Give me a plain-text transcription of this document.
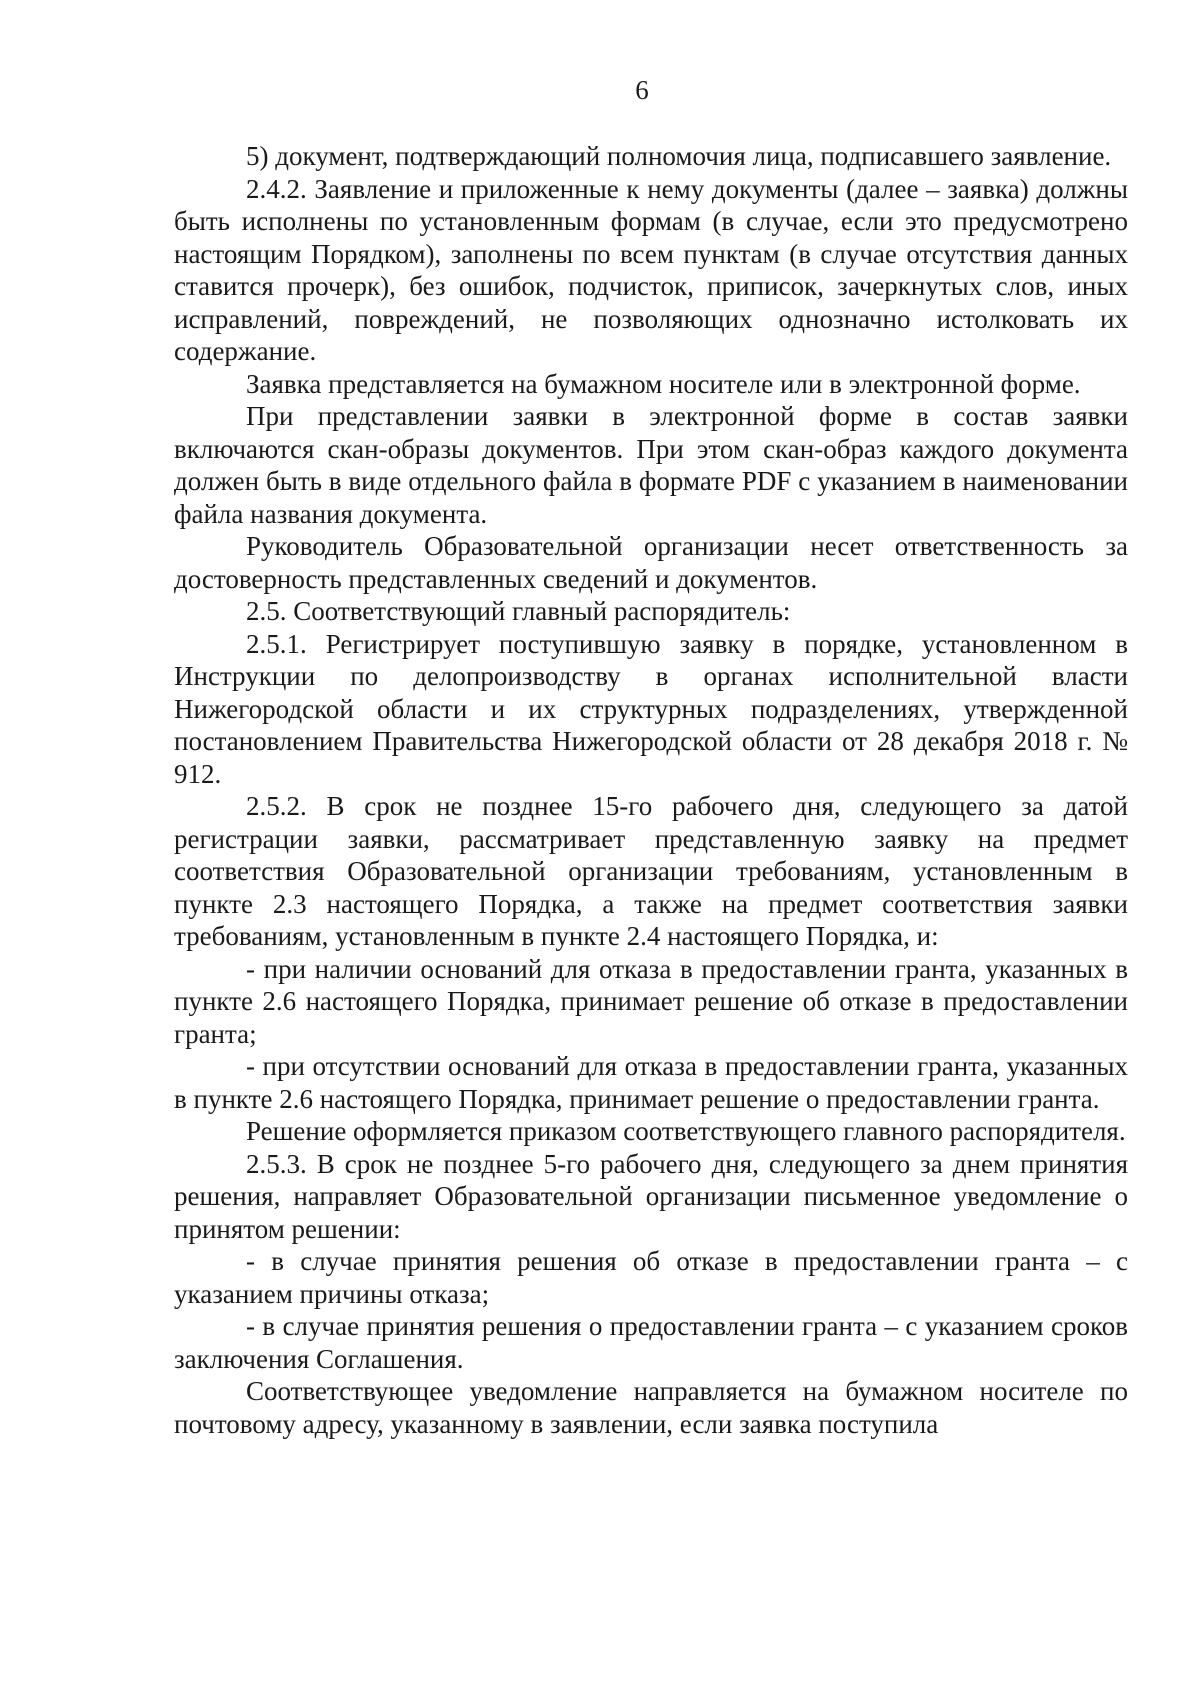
6

5) документ, подтверждающий полномочия лица, подписавшего заявление.

2.4.2. Заявление и приложенные к нему документы (далее – заявка) должны быть исполнены по установленным формам (в случае, если это предусмотрено настоящим Порядком), заполнены по всем пунктам (в случае отсутствия данных ставится прочерк), без ошибок, подчисток, приписок, зачеркнутых слов, иных исправлений, повреждений, не позволяющих однозначно истолковать их содержание.

Заявка представляется на бумажном носителе или в электронной форме.

При представлении заявки в электронной форме в состав заявки включаются скан-образы документов. При этом скан-образ каждого документа должен быть в виде отдельного файла в формате PDF с указанием в наименовании файла названия документа.

Руководитель Образовательной организации несет ответственность за достоверность представленных сведений и документов.

2.5. Соответствующий главный распорядитель:

2.5.1. Регистрирует поступившую заявку в порядке, установленном в Инструкции по делопроизводству в органах исполнительной власти Нижегородской области и их структурных подразделениях, утвержденной постановлением Правительства Нижегородской области от 28 декабря 2018 г. № 912.

2.5.2. В срок не позднее 15-го рабочего дня, следующего за датой регистрации заявки, рассматривает представленную заявку на предмет соответствия Образовательной организации требованиям, установленным в пункте 2.3 настоящего Порядка, а также на предмет соответствия заявки требованиям, установленным в пункте 2.4 настоящего Порядка, и:

- при наличии оснований для отказа в предоставлении гранта, указанных в пункте 2.6 настоящего Порядка, принимает решение об отказе в предоставлении гранта;

- при отсутствии оснований для отказа в предоставлении гранта, указанных в пункте 2.6 настоящего Порядка, принимает решение о предоставлении гранта.

Решение оформляется приказом соответствующего главного распорядителя.

2.5.3. В срок не позднее 5-го рабочего дня, следующего за днем принятия решения, направляет Образовательной организации письменное уведомление о принятом решении:

- в случае принятия решения об отказе в предоставлении гранта – с указанием причины отказа;

- в случае принятия решения о предоставлении гранта – с указанием сроков заключения Соглашения.

Соответствующее уведомление направляется на бумажном носителе по почтовому адресу, указанному в заявлении, если заявка поступила
